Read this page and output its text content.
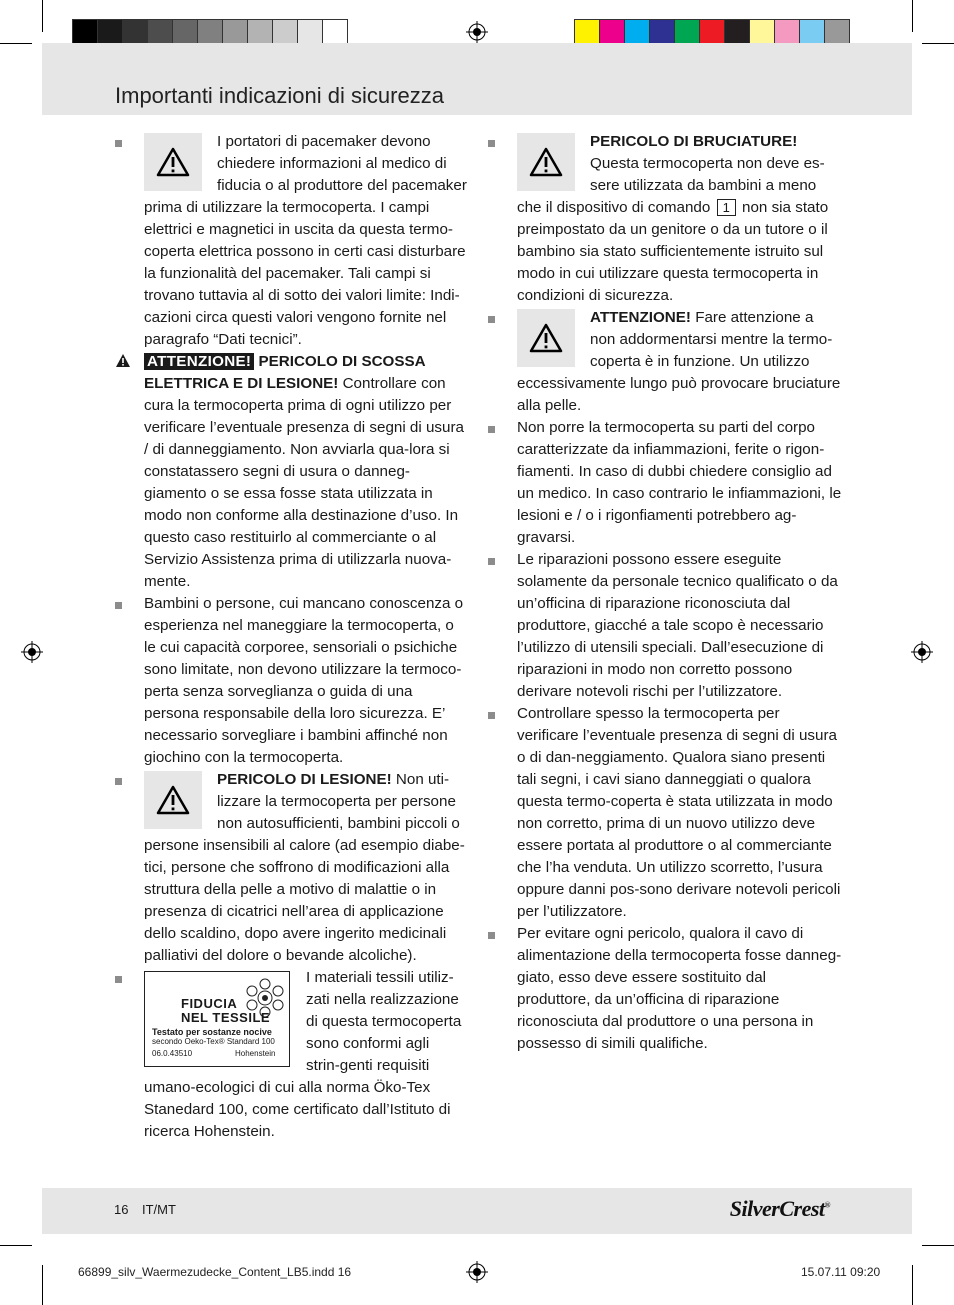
Importanti indicazioni di sicurezza

I portatori di pacemaker devono chiedere informazioni al medico di fiducia o al produttore del pacemaker prima di utilizzare la termocoperta. I campi elettrici e magnetici in uscita da questa termo-coperta elettrica possono in certi casi disturbare la funzionalità del pacemaker. Tali campi si trovano tuttavia al di sotto dei valori limite: Indi-cazioni circa questi valori vengono fornite nel paragrafo “Dati tecnici”.

ATTENZIONE! PERICOLO DI SCOSSA ELETTRICA E DI LESIONE! Controllare con cura la termocoperta prima di ogni utilizzo per verificare l’eventuale presenza di segni di usura / di danneggiamento. Non avviarla qua-lora si constatassero segni di usura o danneg-giamento o se essa fosse stata utilizzata in modo non conforme alla destinazione d’uso. In questo caso restituirlo al commerciante o al Servizio Assistenza prima di utilizzarla nuova-mente.

Bambini o persone, cui mancano conoscenza o esperienza nel maneggiare la termocoperta, o le cui capacità corporee, sensoriali o psichiche sono limitate, non devono utilizzare la termoco-perta senza sorveglianza o guida di una persona responsabile della loro sicurezza. E’ necessario sorvegliare i bambini affinché non giochino con la termocoperta.

PERICOLO DI LESIONE! Non uti-lizzare la termocoperta per persone non autosufficienti, bambini piccoli o persone insensibili al calore (ad esempio diabe-tici, persone che soffrono di modificazioni alla struttura della pelle a motivo di malattie o in presenza di cicatrici nell’area di applicazione dello scaldino, dopo avere ingerito medicinali palliativi del dolore o bevande alcoliche).

FIDUCIA
NEL TESSILE
Testato per sostanze nocive
secondo Oeko-Tex® Standard 100
06.0.43510	Hohenstein

I materiali tessili utiliz-zati nella realizzazione di questa termocoperta sono conformi agli strin-genti requisiti umano-ecologici di cui alla norma Öko-Tex Stanedard 100, come certificato dall’Istituto di ricerca Hohenstein.

PERICOLO DI BRUCIATURE!
Questa termocoperta non deve es-sere utilizzata da bambini a meno che il dispositivo di comando 1 non sia stato preimpostato da un genitore o da un tutore o il bambino sia stato sufficientemente istruito sul modo in cui utilizzare questa termocoperta in condizioni di sicurezza.

ATTENZIONE! Fare attenzione a non addormentarsi mentre la termo-coperta è in funzione. Un utilizzo eccessivamente lungo può provocare bruciature alla pelle.

Non porre la termocoperta su parti del corpo caratterizzate da infiammazioni, ferite o rigon-fiamenti. In caso di dubbi chiedere consiglio ad un medico. In caso contrario le infiammazioni, le lesioni e / o i rigonfiamenti potrebbero ag-gravarsi.

Le riparazioni possono essere eseguite solamente da personale tecnico qualificato o da un’officina di riparazione riconosciuta dal produttore, giacché a tale scopo è necessario l’utilizzo di utensili speciali. Dall’esecuzione di riparazioni in modo non corretto possono derivare notevoli rischi per l’utilizzatore.

Controllare spesso la termocoperta per verificare l’eventuale presenza di segni di usura o di dan-neggiamento. Qualora siano presenti tali segni, i cavi siano danneggiati o qualora questa termo-coperta è stata utilizzata in modo non corretto, prima di un nuovo utilizzo deve essere portata al produttore o al commerciante che l’ha venduta. Un utilizzo scorretto, l’usura oppure danni pos-sono derivare notevoli pericoli per l’utilizzatore.

Per evitare ogni pericolo, qualora il cavo di alimentazione della termocoperta fosse danneg-giato, esso deve essere sostituito dal produttore, da un’officina di riparazione riconosciuta dal produttore o una persona in possesso di simili qualifiche.

16 IT/MT	SilverCrest®
66899_silv_Waermezudecke_Content_LB5.indd 16	15.07.11 09:20
